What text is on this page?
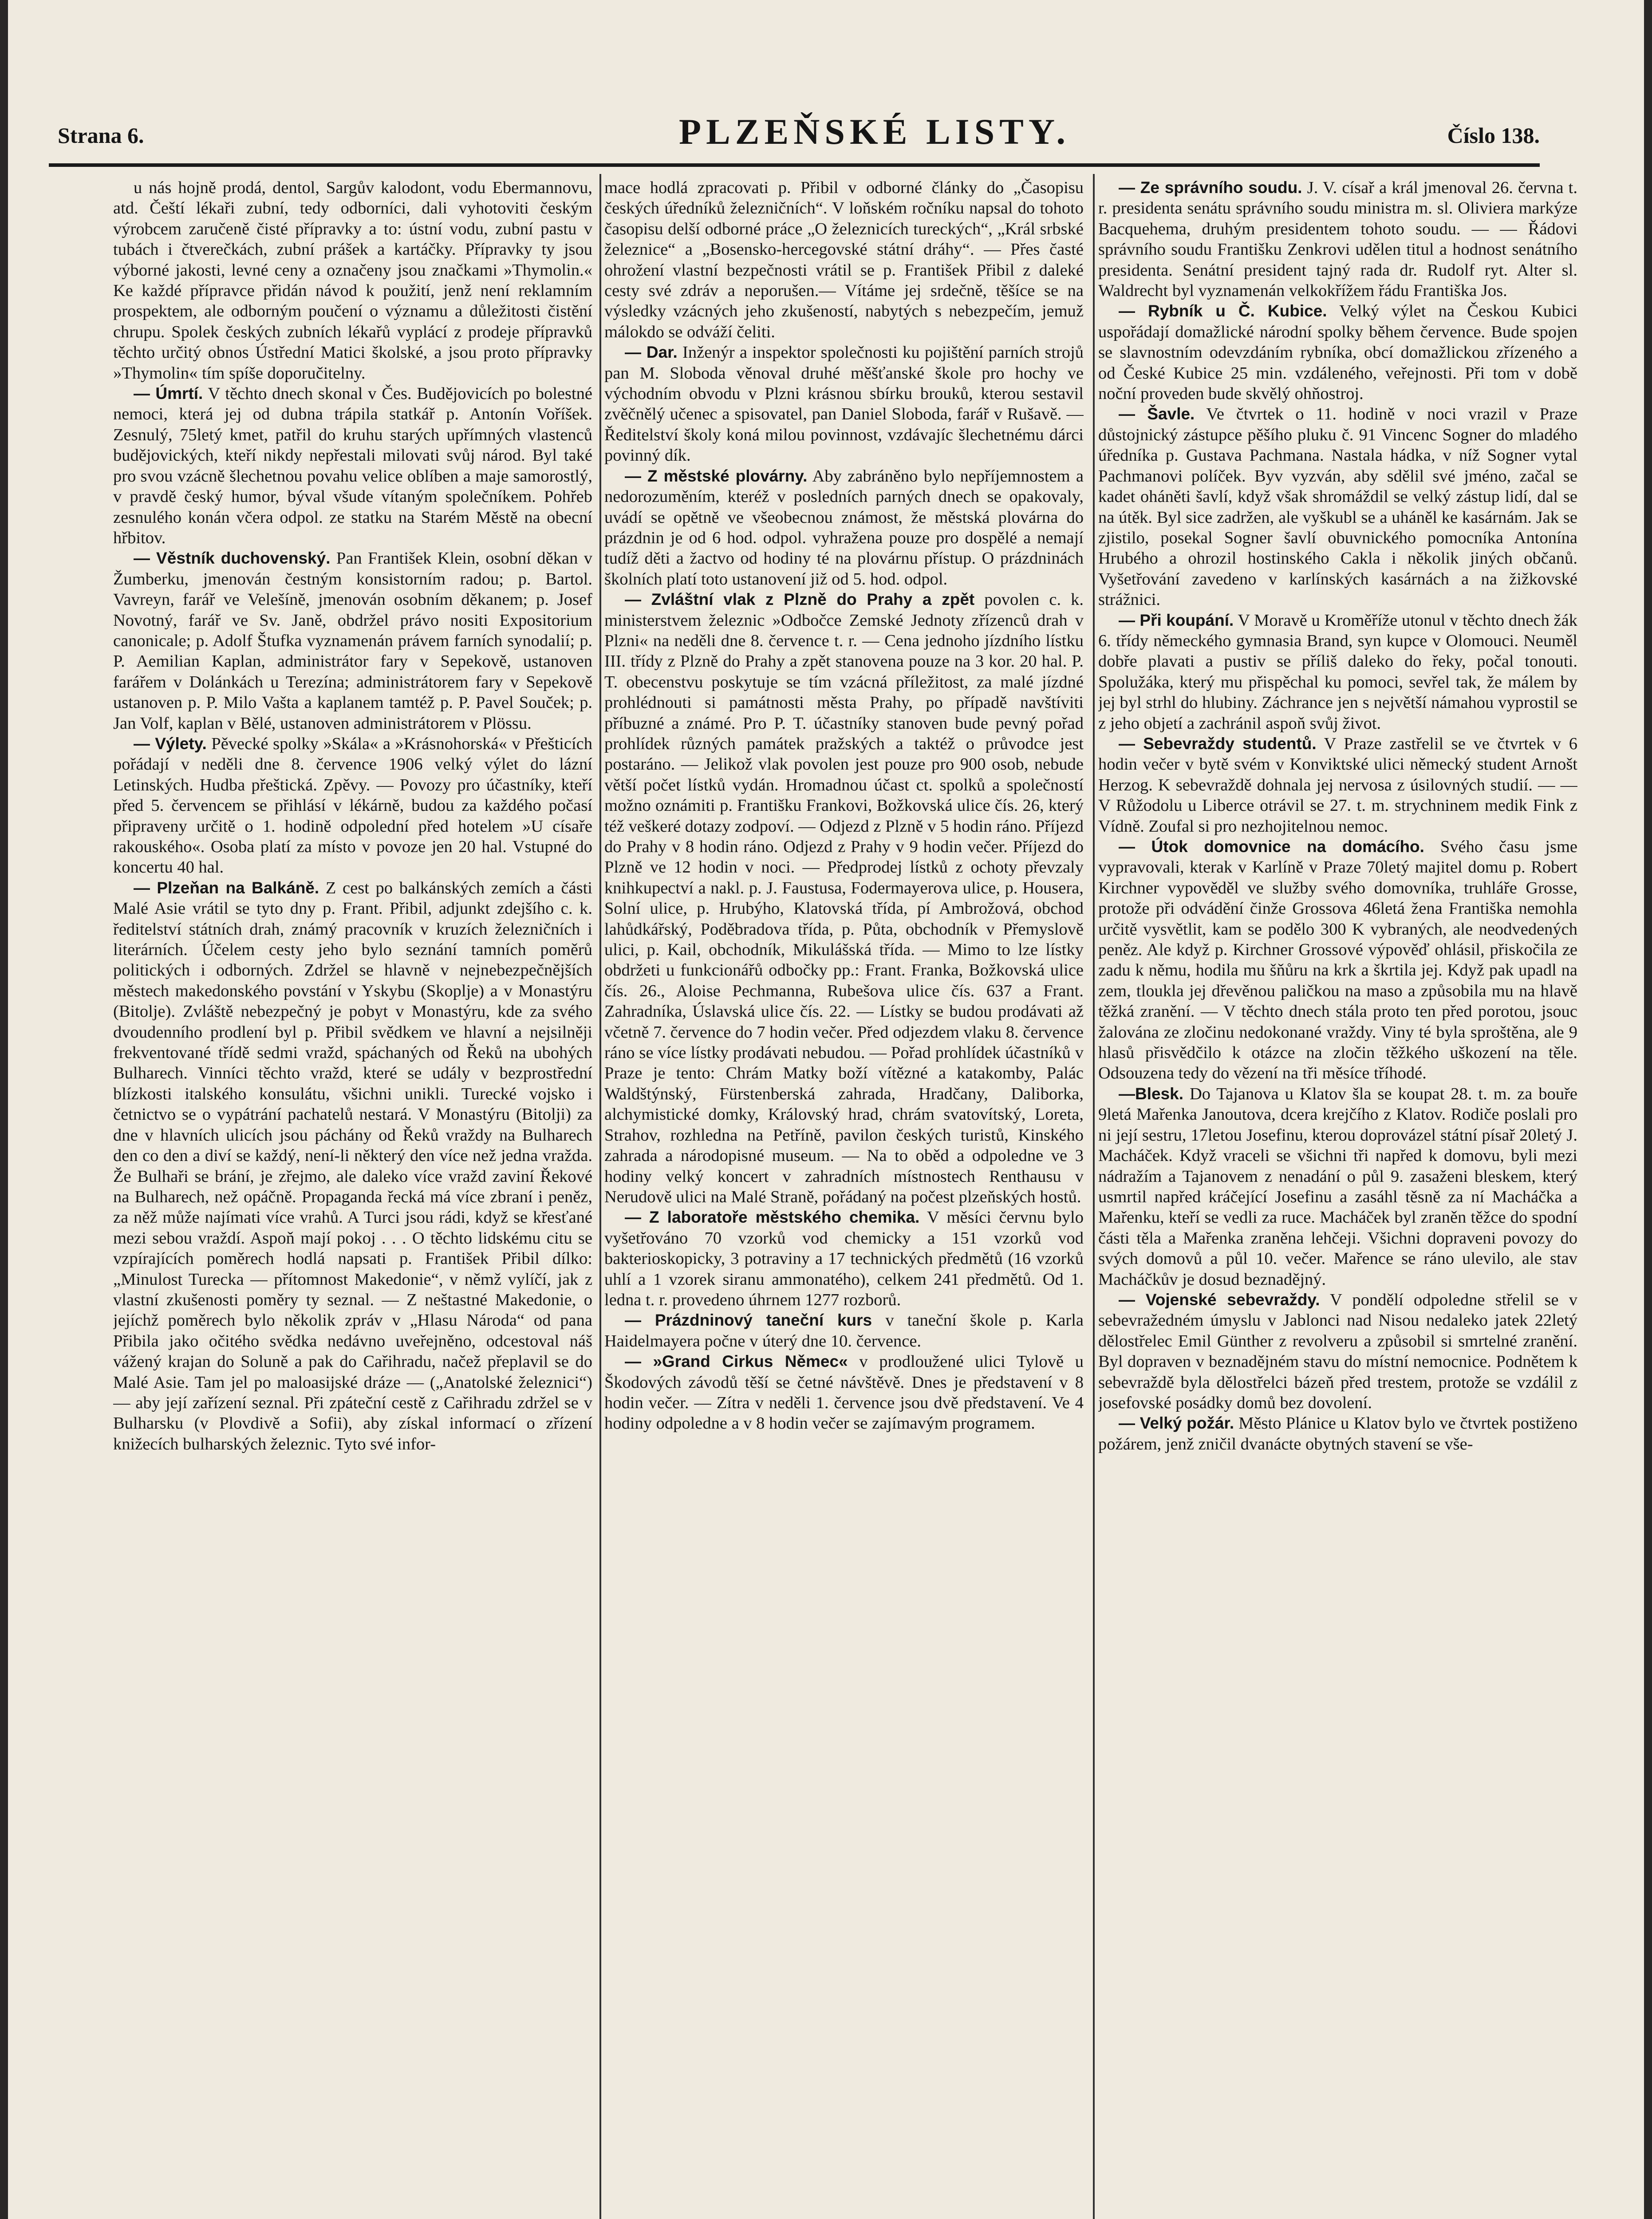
Strana 6.	PLZEŇSKÉ LISTY.	Číslo 138.

u nás hojně prodá, dentol, Sargův kalodont, vodu Ebermannovu, atd. Čeští lékaři zubní, tedy odborníci, dali vyhotoviti českým výrobcem zaručeně čisté přípravky a to: ústní vodu, zubní pastu v tubách i čtverečkách, zubní prášek a kartáčky. Přípravky ty jsou výborné jakosti, levné ceny a označeny jsou značkami »Thymolin.« Ke každé přípravce přidán návod k použití, jenž není reklamním prospektem, ale odborným poučení o významu a důležitosti čistění chrupu. Spolek českých zubních lékařů vyplácí z prodeje přípravků těchto určitý obnos Ústřední Matici školské, a jsou proto přípravky »Thymolin« tím spíše doporučitelny.

— Úmrtí. V těchto dnech skonal v Čes. Budějovicích po bolestné nemoci, která jej od dubna trápila statkář p. Antonín Voříšek. Zesnulý, 75letý kmet, patřil do kruhu starých upřímných vlastenců budějovických, kteří nikdy nepřestali milovati svůj národ. Byl také pro svou vzácně šlechetnou povahu velice oblíben a maje samorostlý, v pravdě český humor, býval všude vítaným společníkem. Pohřeb zesnulého konán včera odpol. ze statku na Starém Městě na obecní hřbitov.

— Věstník duchovenský. Pan František Klein, osobní děkan v Žumberku, jmenován čestným konsistorním radou; p. Bartol. Vavreyn, farář ve Velešíně, jmenován osobním děkanem; p. Josef Novotný, farář ve Sv. Janě, obdržel právo nositi Expositorium canonicale; p. Adolf Štufka vyznamenán právem farních synodalií; p. P. Aemilian Kaplan, administrátor fary v Sepekově, ustanoven farářem v Dolánkách u Terezína; administrátorem fary v Sepekově ustanoven p. P. Milo Vašta a kaplanem tamtéž p. P. Pavel Souček; p. Jan Volf, kaplan v Bělé, ustanoven administrátorem v Plössu.

— Výlety. Pěvecké spolky »Skála« a »Krásnohorská« v Přešticích pořádají v neděli dne 8. července 1906 velký výlet do lázní Letinských. Hudba přeštická. Zpěvy. — Povozy pro účastníky, kteří před 5. červencem se přihlásí v lékárně, budou za každého počasí připraveny určitě o 1. hodině odpolední před hotelem »U císaře rakouského«. Osoba platí za místo v povoze jen 20 hal. Vstupné do koncertu 40 hal.

— Plzeňan na Balkáně. Z cest po balkánských zemích a části Malé Asie vrátil se tyto dny p. Frant. Přibil, adjunkt zdejšího c. k. ředitelství státních drah, známý pracovník v kruzích železničních i literárních. Účelem cesty jeho bylo seznání tamních poměrů politických i odborných. Zdržel se hlavně v nejnebezpečnějších městech makedonského povstání v Yskybu (Skoplje) a v Monastýru (Bitolje). Zvláště nebezpečný je pobyt v Monastýru, kde za svého dvoudenního prodlení byl p. Přibil svědkem ve hlavní a nejsilněji frekventované třídě sedmi vražd, spáchaných od Řeků na ubohých Bulharech. Vinníci těchto vražd, které se udály v bezprostřední blízkosti italského konsulátu, všichni unikli. Turecké vojsko i četnictvo se o vypátrání pachatelů nestará. V Monastýru (Bitolji) za dne v hlavních ulicích jsou páchány od Řeků vraždy na Bulharech den co den a diví se každý, není-li některý den více než jedna vražda. Že Bulhaři se brání, je zřejmo, ale daleko více vražd zaviní Řekové na Bulharech, než opáčně. Propaganda řecká má více zbraní i peněz, za něž může najímati více vrahů. A Turci jsou rádi, když se křesťané mezi sebou vraždí. Aspoň mají pokoj . . . O těchto lidskému citu se vzpírajících poměrech hodlá napsati p. František Přibil dílko: „Minulost Turecka — přítomnost Makedonie“, v němž vylíčí, jak z vlastní zkušenosti poměry ty seznal. — Z neštastné Makedonie, o jejíchž poměrech bylo několik zpráv v „Hlasu Národa“ od pana Přibila jako očitého svědka nedávno uveřejněno, odcestoval náš vážený krajan do Soluně a pak do Cařihradu, načež přeplavil se do Malé Asie. Tam jel po maloasijské dráze — („Anatolské železnici“) — aby její zařízení seznal. Při zpáteční cestě z Cařihradu zdržel se v Bulharsku (v Plovdivě a Sofii), aby získal informací o zřízení knižecích bulharských železnic. Tyto své infor-

mace hodlá zpracovati p. Přibil v odborné články do „Časopisu českých úředníků železničních“. V loňském ročníku napsal do tohoto časopisu delší odborné práce „O železnicích tureckých“, „Král srbské železnice“ a „Bosensko-hercegovské státní dráhy“. — Přes časté ohrožení vlastní bezpečnosti vrátil se p. František Přibil z daleké cesty své zdráv a neporušen.— Vítáme jej srdečně, těšíce se na výsledky vzácných jeho zkušeností, nabytých s nebezpečím, jemuž málokdo se odváží čeliti.

— Dar. Inženýr a inspektor společnosti ku pojištění parních strojů pan M. Sloboda věnoval druhé měšťanské škole pro hochy ve východním obvodu v Plzni krásnou sbírku brouků, kterou sestavil zvěčnělý učenec a spisovatel, pan Daniel Sloboda, farář v Rušavě. — Ředitelství školy koná milou povinnost, vzdávajíc šlechetnému dárci povinný dík.

— Z městské plovárny. Aby zabráněno bylo nepříjemnostem a nedorozuměním, kteréž v posledních parných dnech se opakovaly, uvádí se opětně ve všeobecnou známost, že městská plovárna do prázdnin je od 6 hod. odpol. vyhražena pouze pro dospělé a nemají tudíž děti a žactvo od hodiny té na plovárnu přístup. O prázdninách školních platí toto ustanovení již od 5. hod. odpol.

— Zvláštní vlak z Plzně do Prahy a zpět povolen c. k. ministerstvem železnic »Odbočce Zemské Jednoty zřízenců drah v Plzni« na neděli dne 8. července t. r. — Cena jednoho jízdního lístku III. třídy z Plzně do Prahy a zpět stanovena pouze na 3 kor. 20 hal. P. T. obecenstvu poskytuje se tím vzácná příležitost, za malé jízdné prohlédnouti si památnosti města Prahy, po případě navštíviti příbuzné a známé. Pro P. T. účastníky stanoven bude pevný pořad prohlídek různých památek pražských a taktéž o průvodce jest postaráno. — Jelikož vlak povolen jest pouze pro 900 osob, nebude větší počet lístků vydán. Hromadnou účast ct. spolků a společností možno oznámiti p. Františku Frankovi, Božkovská ulice čís. 26, který též veškeré dotazy zodpoví. — Odjezd z Plzně v 5 hodin ráno. Příjezd do Prahy v 8 hodin ráno. Odjezd z Prahy v 9 hodin večer. Příjezd do Plzně ve 12 hodin v noci. — Předprodej lístků z ochoty převzaly knihkupectví a nakl. p. J. Faustusa, Fodermayerova ulice, p. Housera, Solní ulice, p. Hrubýho, Klatovská třída, pí Ambrožová, obchod lahůdkářský, Poděbradova třída, p. Půta, obchodník v Přemyslově ulici, p. Kail, obchodník, Mikulášská třída. — Mimo to lze lístky obdržeti u funkcionářů odbočky pp.: Frant. Franka, Božkovská ulice čís. 26., Aloise Pechmanna, Rubešova ulice čís. 637 a Frant. Zahradníka, Úslavská ulice čís. 22. — Lístky se budou prodávati až včetně 7. července do 7 hodin večer. Před odjezdem vlaku 8. července ráno se více lístky prodávati nebudou. — Pořad prohlídek účastníků v Praze je tento: Chrám Matky boží vítězné a katakomby, Palác Waldštýnský, Fürstenberská zahrada, Hradčany, Daliborka, alchymistické domky, Královský hrad, chrám svatovítský, Loreta, Strahov, rozhledna na Petříně, pavilon českých turistů, Kinského zahrada a národopisné museum. — Na to oběd a odpoledne ve 3 hodiny velký koncert v zahradních místnostech Renthausu v Nerudově ulici na Malé Straně, pořádaný na počest plzeňských hostů.

— Z laboratoře městského chemika. V měsíci červnu bylo vyšetřováno 70 vzorků vod chemicky a 151 vzorků vod bakterioskopicky, 3 potraviny a 17 technických předmětů (16 vzorků uhlí a 1 vzorek siranu ammonatého), celkem 241 předmětů. Od 1. ledna t. r. provedeno úhrnem 1277 rozborů.

— Prázdninový taneční kurs v taneční škole p. Karla Haidelmayera počne v úterý dne 10. července.

— »Grand Cirkus Němec« v prodloužené ulici Tylově u Škodových závodů těší se četné návštěvě. Dnes je představení v 8 hodin večer. — Zítra v neděli 1. července jsou dvě představení. Ve 4 hodiny odpoledne a v 8 hodin večer se zajímavým programem.

— Ze správního soudu. J. V. císař a král jmenoval 26. června t. r. presidenta senátu správního soudu ministra m. sl. Oliviera markýze Bacquehema, druhým presidentem tohoto soudu. — — Řádovi správního soudu Františku Zenkrovi udělen titul a hodnost senátního presidenta. Senátní president tajný rada dr. Rudolf ryt. Alter sl. Waldrecht byl vyznamenán velkokřížem řádu Františka Jos.

— Rybník u Č. Kubice. Velký výlet na Českou Kubici uspořádají domažlické národní spolky během července. Bude spojen se slavnostním odevzdáním rybníka, obcí domažlickou zřízeného a od České Kubice 25 min. vzdáleného, veřejnosti. Při tom v době noční proveden bude skvělý ohňostroj.

— Šavle. Ve čtvrtek o 11. hodině v noci vrazil v Praze důstojnický zástupce pěšího pluku č. 91 Vincenc Sogner do mladého úředníka p. Gustava Pachmana. Nastala hádka, v níž Sogner vytal Pachmanovi políček. Byv vyzván, aby sdělil své jméno, začal se kadet oháněti šavlí, když však shromáždil se velký zástup lidí, dal se na útěk. Byl sice zadržen, ale vyškubl se a uháněl ke kasárnám. Jak se zjistilo, posekal Sogner šavlí obuvnického pomocníka Antonína Hrubého a ohrozil hostinského Cakla i několik jiných občanů. Vyšetřování zavedeno v karlínských kasárnách a na žižkovské strážnici.

— Při koupání. V Moravě u Kroměříže utonul v těchto dnech žák 6. třídy německého gymnasia Brand, syn kupce v Olomouci. Neuměl dobře plavati a pustiv se příliš daleko do řeky, počal tonouti. Spolužáka, který mu přispěchal ku pomoci, sevřel tak, že málem by jej byl strhl do hlubiny. Záchrance jen s největší námahou vyprostil se z jeho objetí a zachránil aspoň svůj život.

— Sebevraždy studentů. V Praze zastřelil se ve čtvrtek v 6 hodin večer v bytě svém v Konviktské ulici německý student Arnošt Herzog. K sebevraždě dohnala jej nervosa z úsilovných studií. — — V Růžodolu u Liberce otrávil se 27. t. m. strychninem medik Fink z Vídně. Zoufal si pro nezhojitelnou nemoc.

— Útok domovnice na domácího. Svého času jsme vypravovali, kterak v Karlíně v Praze 70letý majitel domu p. Robert Kirchner vypověděl ve služby svého domovníka, truhláře Grosse, protože při odvádění činže Grossova 46letá žena Františka nemohla určitě vysvětlit, kam se podělo 300 K vybraných, ale neodvedených peněz. Ale když p. Kirchner Grossové výpověď ohlásil, přiskočila ze zadu k němu, hodila mu šňůru na krk a škrtila jej. Když pak upadl na zem, tloukla jej dřevěnou paličkou na maso a způsobila mu na hlavě těžká zranění. — V těchto dnech stála proto ten před porotou, jsouc žalována ze zločinu nedokonané vraždy. Viny té byla sproštěna, ale 9 hlasů přisvědčilo k otázce na zločin těžkého uškození na těle. Odsouzena tedy do vězení na tři měsíce tříhodé.

—Blesk. Do Tajanova u Klatov šla se koupat 28. t. m. za bouře 9letá Mařenka Janoutova, dcera krejčího z Klatov. Rodiče poslali pro ni její sestru, 17letou Josefinu, kterou doprovázel státní písař 20letý J. Macháček. Když vraceli se všichni tři napřed k domovu, byli mezi nádražím a Tajanovem z nenadání o půl 9. zasaženi bleskem, který usmrtil napřed kráčející Josefinu a zasáhl těsně za ní Macháčka a Mařenku, kteří se vedli za ruce. Macháček byl zraněn těžce do spodní části těla a Mařenka zraněna lehčeji. Všichni dopraveni povozy do svých domovů a půl 10. večer. Mařence se ráno ulevilo, ale stav Macháčkův je dosud beznadějný.

— Vojenské sebevraždy. V pondělí odpoledne střelil se v sebevražedném úmyslu v Jablonci nad Nisou nedaleko jatek 22letý dělostřelec Emil Günther z revolveru a způsobil si smrtelné zranění. Byl dopraven v beznadějném stavu do místní nemocnice. Podnětem k sebevraždě byla dělostřelci bázeň před trestem, protože se vzdálil z josefovské posádky domů bez dovolení.

— Velký požár. Město Plánice u Klatov bylo ve čtvrtek postiženo požárem, jenž zničil dvanácte obytných stavení se vše-
